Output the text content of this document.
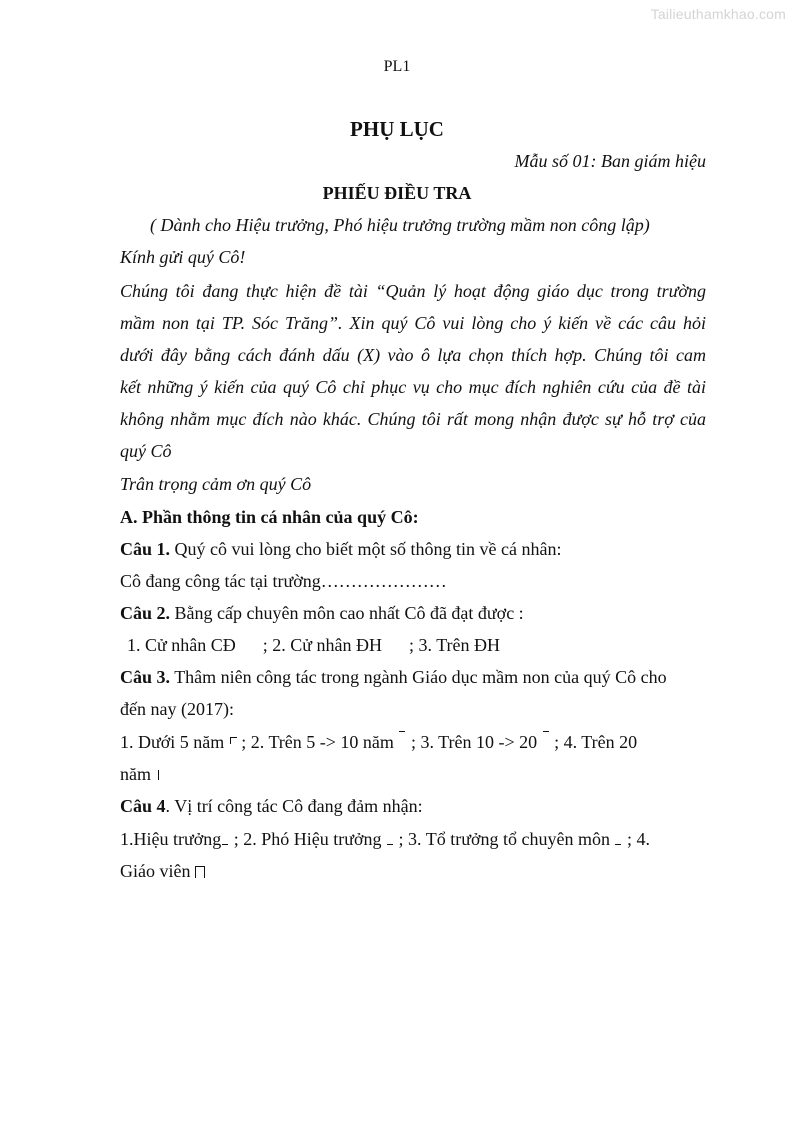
Tailieuthamkhao.com
PL1
PHỤ LỤC
Mẫu số 01: Ban giám hiệu
PHIẾU ĐIỀU TRA
( Dành cho Hiệu trưởng, Phó hiệu trưởng trường mầm non công lập)
Kính gửi quý Cô!
Chúng tôi đang thực hiện đề tài “Quản lý hoạt động giáo dục trong trường
mầm non tại TP. Sóc Trăng”. Xin quý Cô vui lòng cho ý kiến về các câu hỏi
dưới đây bằng cách đánh dấu (X) vào ô lựa chọn thích hợp. Chúng tôi cam
kết những ý kiến của quý Cô chỉ phục vụ cho mục đích nghiên cứu của đề tài
không nhằm mục đích nào khác. Chúng tôi rất mong nhận được sự hỗ trợ của
quý Cô
Trân trọng cảm ơn quý Cô
A. Phần thông tin cá nhân của quý Cô:
Câu 1. Quý cô vui lòng cho biết một số thông tin về cá nhân:
Cô đang công tác tại trường…………………
Câu 2. Bằng cấp chuyên môn cao nhất Cô đã đạt được :
1. Cử nhân CĐ ; 2. Cử nhân ĐH ; 3. Trên ĐH
Câu 3. Thâm niên công tác trong ngành Giáo dục mầm non của quý Cô cho
đến nay (2017):
1. Dưới 5 năm ; 2. Trên 5 -> 10 năm ; 3. Trên 10 -> 20 ; 4. Trên 20
năm
Câu 4. Vị trí công tác Cô đang đảm nhận:
1.Hiệu trưởng ; 2. Phó Hiệu trưởng ; 3. Tổ trưởng tổ chuyên môn ; 4.
Giáo viên
